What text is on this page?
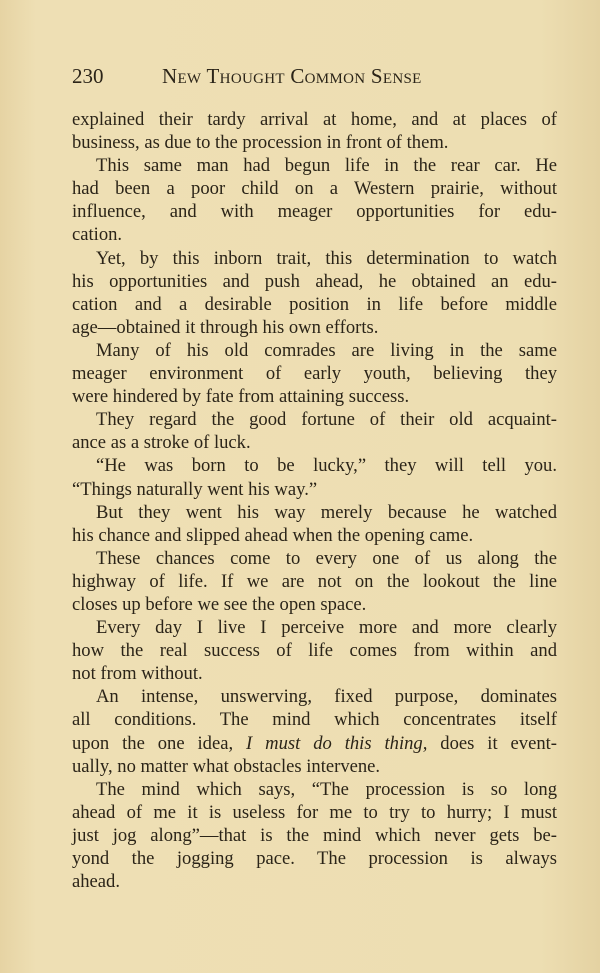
230	New Thought Common Sense
explained their tardy arrival at home, and at places of
business, as due to the procession in front of them.
This same man had begun life in the rear car. He
had been a poor child on a Western prairie, without
influence, and with meager opportunities for edu-
cation.
Yet, by this inborn trait, this determination to watch
his opportunities and push ahead, he obtained an edu-
cation and a desirable position in life before middle
age—obtained it through his own efforts.
Many of his old comrades are living in the same
meager environment of early youth, believing they
were hindered by fate from attaining success.
They regard the good fortune of their old acquaint-
ance as a stroke of luck.
“He was born to be lucky,” they will tell you.
“Things naturally went his way.”
But they went his way merely because he watched
his chance and slipped ahead when the opening came.
These chances come to every one of us along the
highway of life. If we are not on the lookout the line
closes up before we see the open space.
Every day I live I perceive more and more clearly
how the real success of life comes from within and
not from without.
An intense, unswerving, fixed purpose, dominates
all conditions. The mind which concentrates itself
upon the one idea, I must do this thing, does it event-
ually, no matter what obstacles intervene.
The mind which says, “The procession is so long
ahead of me it is useless for me to try to hurry; I must
just jog along”—that is the mind which never gets be-
yond the jogging pace. The procession is always
ahead.
